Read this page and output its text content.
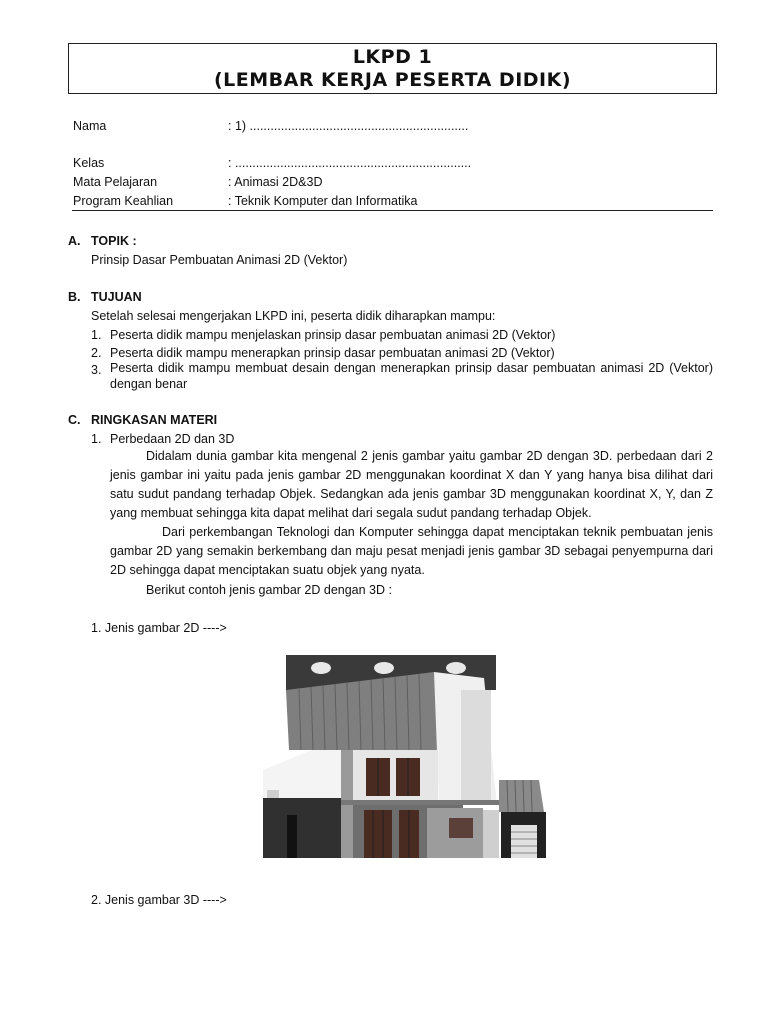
LKPD 1
(LEMBAR KERJA PESERTA DIDIK)
Nama	: 1) ...............................................................
Kelas	: ....................................................................
Mata Pelajaran	: Animasi 2D&3D
Program Keahlian	: Teknik Komputer dan Informatika
A. TOPIK :
Prinsip Dasar Pembuatan Animasi 2D (Vektor)
B. TUJUAN
Setelah selesai mengerjakan LKPD ini, peserta didik diharapkan mampu:
1. Peserta didik mampu menjelaskan prinsip dasar pembuatan animasi 2D (Vektor)
2. Peserta didik mampu menerapkan prinsip dasar pembuatan animasi 2D (Vektor)
3. Peserta didik mampu membuat desain dengan menerapkan prinsip dasar pembuatan animasi 2D (Vektor) dengan benar
C. RINGKASAN MATERI
1. Perbedaan 2D dan 3D
Didalam dunia gambar kita mengenal 2 jenis gambar yaitu gambar 2D dengan 3D. perbedaan dari 2 jenis gambar ini yaitu pada jenis gambar 2D menggunakan koordinat X dan Y yang hanya bisa dilihat dari satu sudut pandang terhadap Objek. Sedangkan ada jenis gambar 3D menggunakan koordinat X, Y, dan Z yang membuat sehingga kita dapat melihat dari segala sudut pandang terhadap Objek.
Dari perkembangan Teknologi dan Komputer sehingga dapat menciptakan teknik pembuatan jenis gambar 2D yang semakin berkembang dan maju pesat menjadi jenis gambar 3D sebagai penyempurna dari 2D sehingga dapat menciptakan suatu objek yang nyata.
Berikut contoh jenis gambar 2D dengan 3D :
1. Jenis gambar 2D ---->
2. Jenis gambar 3D ---->
